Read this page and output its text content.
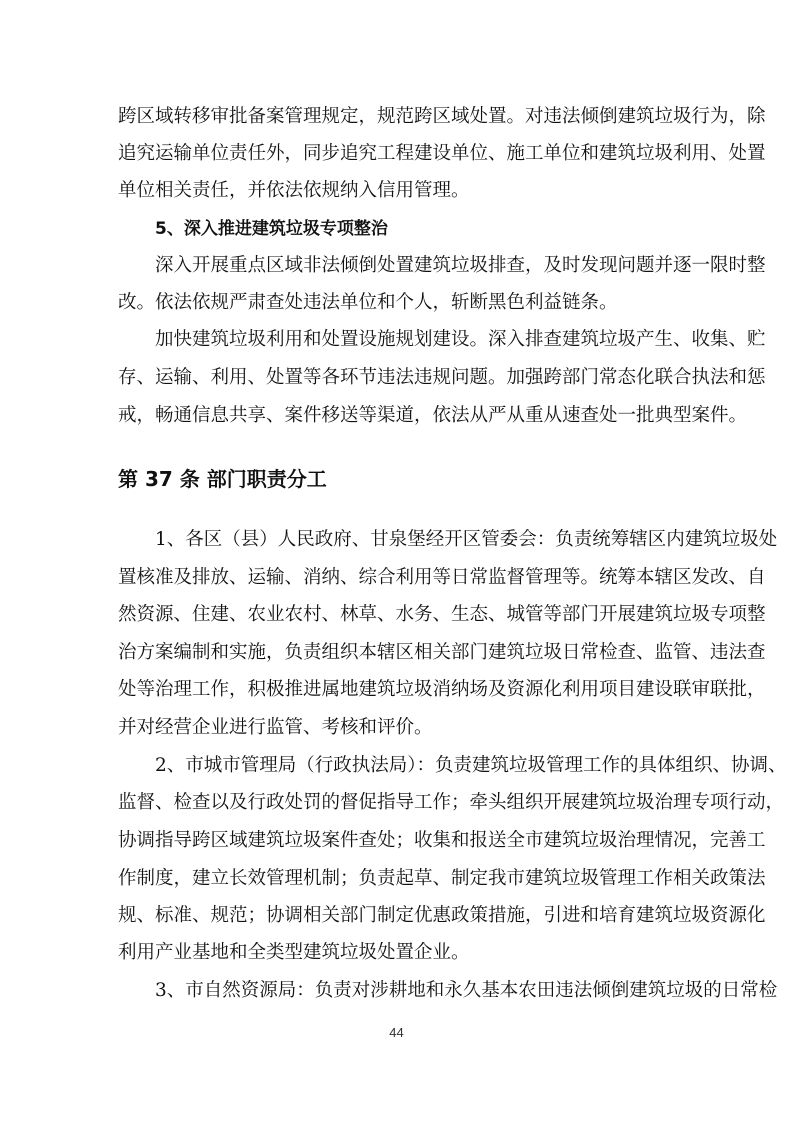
跨区域转移审批备案管理规定，规范跨区域处置。对违法倾倒建筑垃圾行为，除
追究运输单位责任外，同步追究工程建设单位、施工单位和建筑垃圾利用、处置
单位相关责任，并依法依规纳入信用管理。
5、深入推进建筑垃圾专项整治
深入开展重点区域非法倾倒处置建筑垃圾排查，及时发现问题并逐一限时整
改。依法依规严肃查处违法单位和个人，斩断黑色利益链条。
加快建筑垃圾利用和处置设施规划建设。深入排查建筑垃圾产生、收集、贮
存、运输、利用、处置等各环节违法违规问题。加强跨部门常态化联合执法和惩
戒，畅通信息共享、案件移送等渠道，依法从严从重从速查处一批典型案件。
第 37 条 部门职责分工
1、各区（县）人民政府、甘泉堡经开区管委会：负责统筹辖区内建筑垃圾处
置核准及排放、运输、消纳、综合利用等日常监督管理等。统筹本辖区发改、自
然资源、住建、农业农村、林草、水务、生态、城管等部门开展建筑垃圾专项整
治方案编制和实施，负责组织本辖区相关部门建筑垃圾日常检查、监管、违法查
处等治理工作，积极推进属地建筑垃圾消纳场及资源化利用项目建设联审联批，
并对经营企业进行监管、考核和评价。
2、市城市管理局（行政执法局）：负责建筑垃圾管理工作的具体组织、协调、
监督、检查以及行政处罚的督促指导工作；牵头组织开展建筑垃圾治理专项行动，
协调指导跨区域建筑垃圾案件查处；收集和报送全市建筑垃圾治理情况，完善工
作制度，建立长效管理机制；负责起草、制定我市建筑垃圾管理工作相关政策法
规、标准、规范；协调相关部门制定优惠政策措施，引进和培育建筑垃圾资源化
利用产业基地和全类型建筑垃圾处置企业。
3、市自然资源局：负责对涉耕地和永久基本农田违法倾倒建筑垃圾的日常检
44
